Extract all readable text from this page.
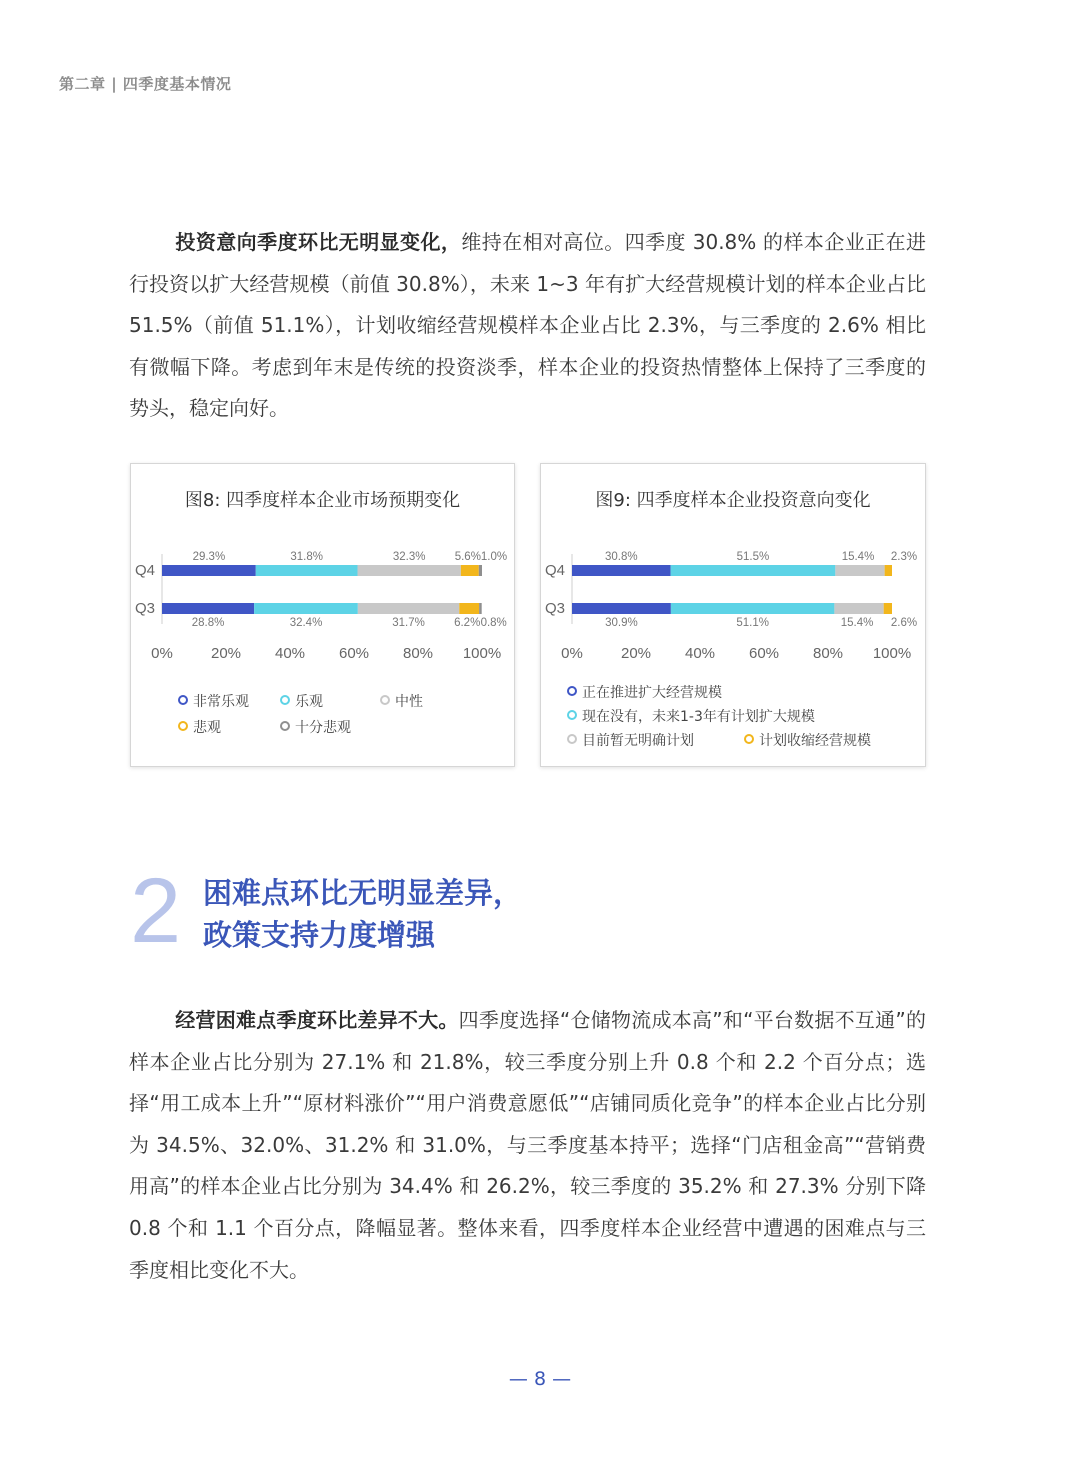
第二章 | 四季度基本情况
投资意向季度环比无明显变化，维持在相对高位。四季度 30.8% 的样本企业正在进行投资以扩大经营规模（前值 30.8%），未来 1~3 年有扩大经营规模计划的样本企业占比 51.5%（前值 51.1%），计划收缩经营规模样本企业占比 2.3%，与三季度的 2.6% 相比有微幅下降。考虑到年末是传统的投资淡季，样本企业的投资热情整体上保持了三季度的势头，稳定向好。
图8: 四季度样本企业市场预期变化
Q4
29.3%	31.8%	32.3%	5.6% 1.0%
Q3
28.8%	32.4%	31.7%	6.2% 0.8%
0%	20% 40% 60% 80% 100%
非常乐观	乐观	中性
悲观	十分悲观
图9: 四季度样本企业投资意向变化
Q4
30.8%	51.5%	15.4% 2.3%
Q3
30.9%	51.1%	15.4% 2.6%
0%	20% 40% 60% 80% 100%
正在推进扩大经营规模
现在没有，未来1-3年有计划扩大规模
目前暂无明确计划	计划收缩经营规模
2 困难点环比无明显差异，
政策支持力度增强
经营困难点季度环比差异不大。四季度选择“仓储物流成本高”和“平台数据不互通”的样本企业占比分别为 27.1% 和 21.8%，较三季度分别上升 0.8 个和 2.2 个百分点；选择“用工成本上升”“原材料涨价”“用户消费意愿低”“店铺同质化竞争”的样本企业占比分别为 34.5%、32.0%、31.2% 和 31.0%，与三季度基本持平；选择“门店租金高”“营销费用高”的样本企业占比分别为 34.4% 和 26.2%，较三季度的 35.2% 和 27.3% 分别下降 0.8 个和 1.1 个百分点，降幅显著。整体来看，四季度样本企业经营中遭遇的困难点与三季度相比变化不大。
— 8 —
